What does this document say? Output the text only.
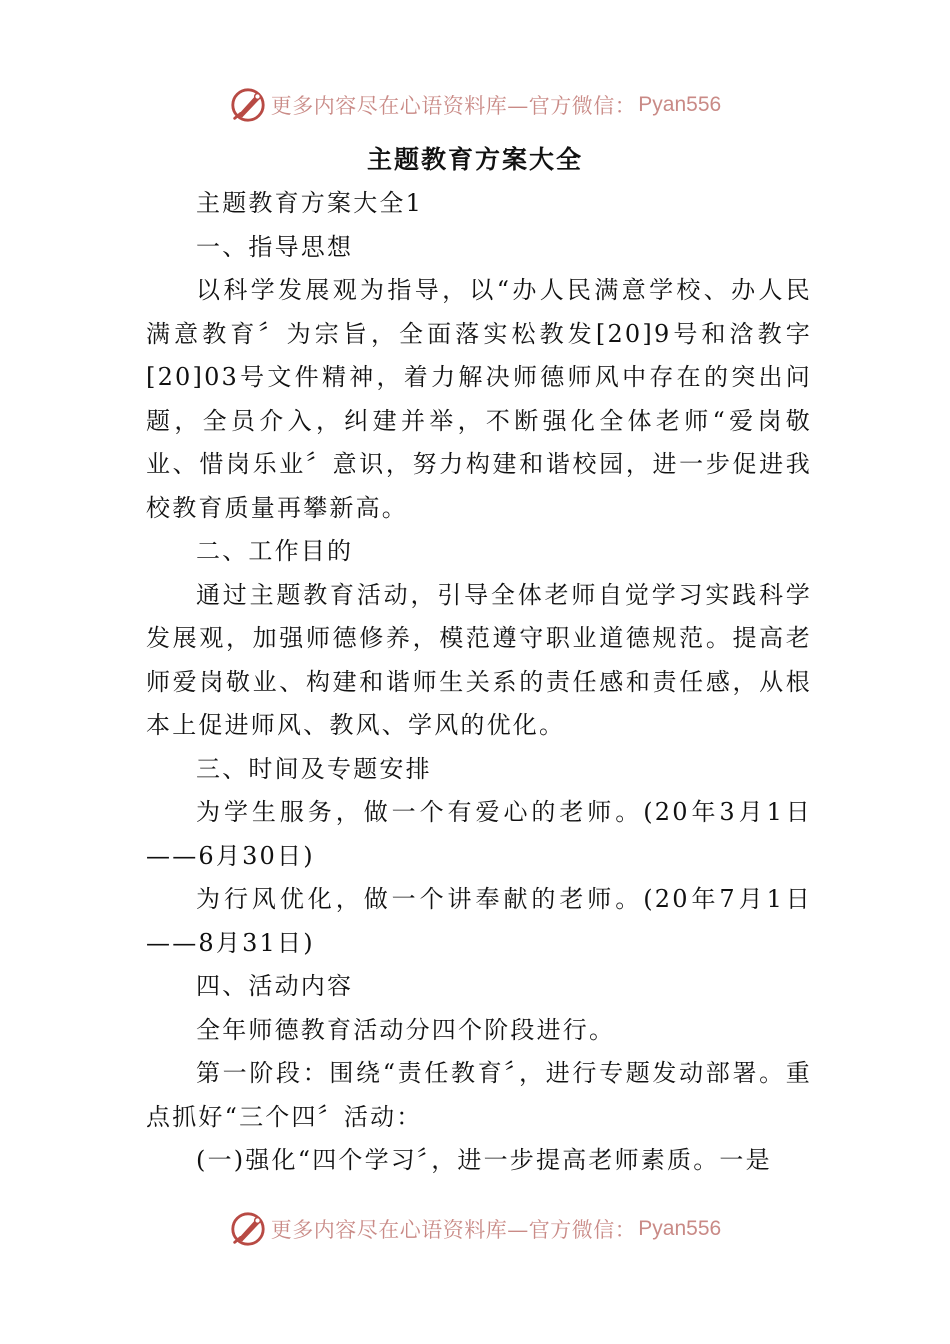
更多内容尽在心语资料库—官方微信： Pyan556
主题教育方案大全

主题教育方案大全1

一、指导思想

以科学发展观为指导，以“办人民满意学校、办人民满意教育〞为宗旨，全面落实松教发[20]9号和浛教字[20]03号文件精神，着力解决师德师风中存在的突出问题，全员介入，纠建并举，不断强化全体老师“爱岗敬业、惜岗乐业〞意识，努力构建和谐校园，进一步促进我校教育质量再攀新高。

二、工作目的

通过主题教育活动，引导全体老师自觉学习实践科学发展观，加强师德修养，模范遵守职业道德规范。提高老师爱岗敬业、构建和谐师生关系的责任感和责任感，从根本上促进师风、教风、学风的优化。

三、时间及专题安排

为学生服务，做一个有爱心的老师。(20年3月1日——6月30日)

为行风优化，做一个讲奉献的老师。(20年7月1日——8月31日)

四、活动内容

全年师德教育活动分四个阶段进行。

第一阶段：围绕“责任教育〞，进行专题发动部署。重点抓好“三个四〞活动：

(一)强化“四个学习〞，进一步提高老师素质。一是

更多内容尽在心语资料库—官方微信： Pyan556
